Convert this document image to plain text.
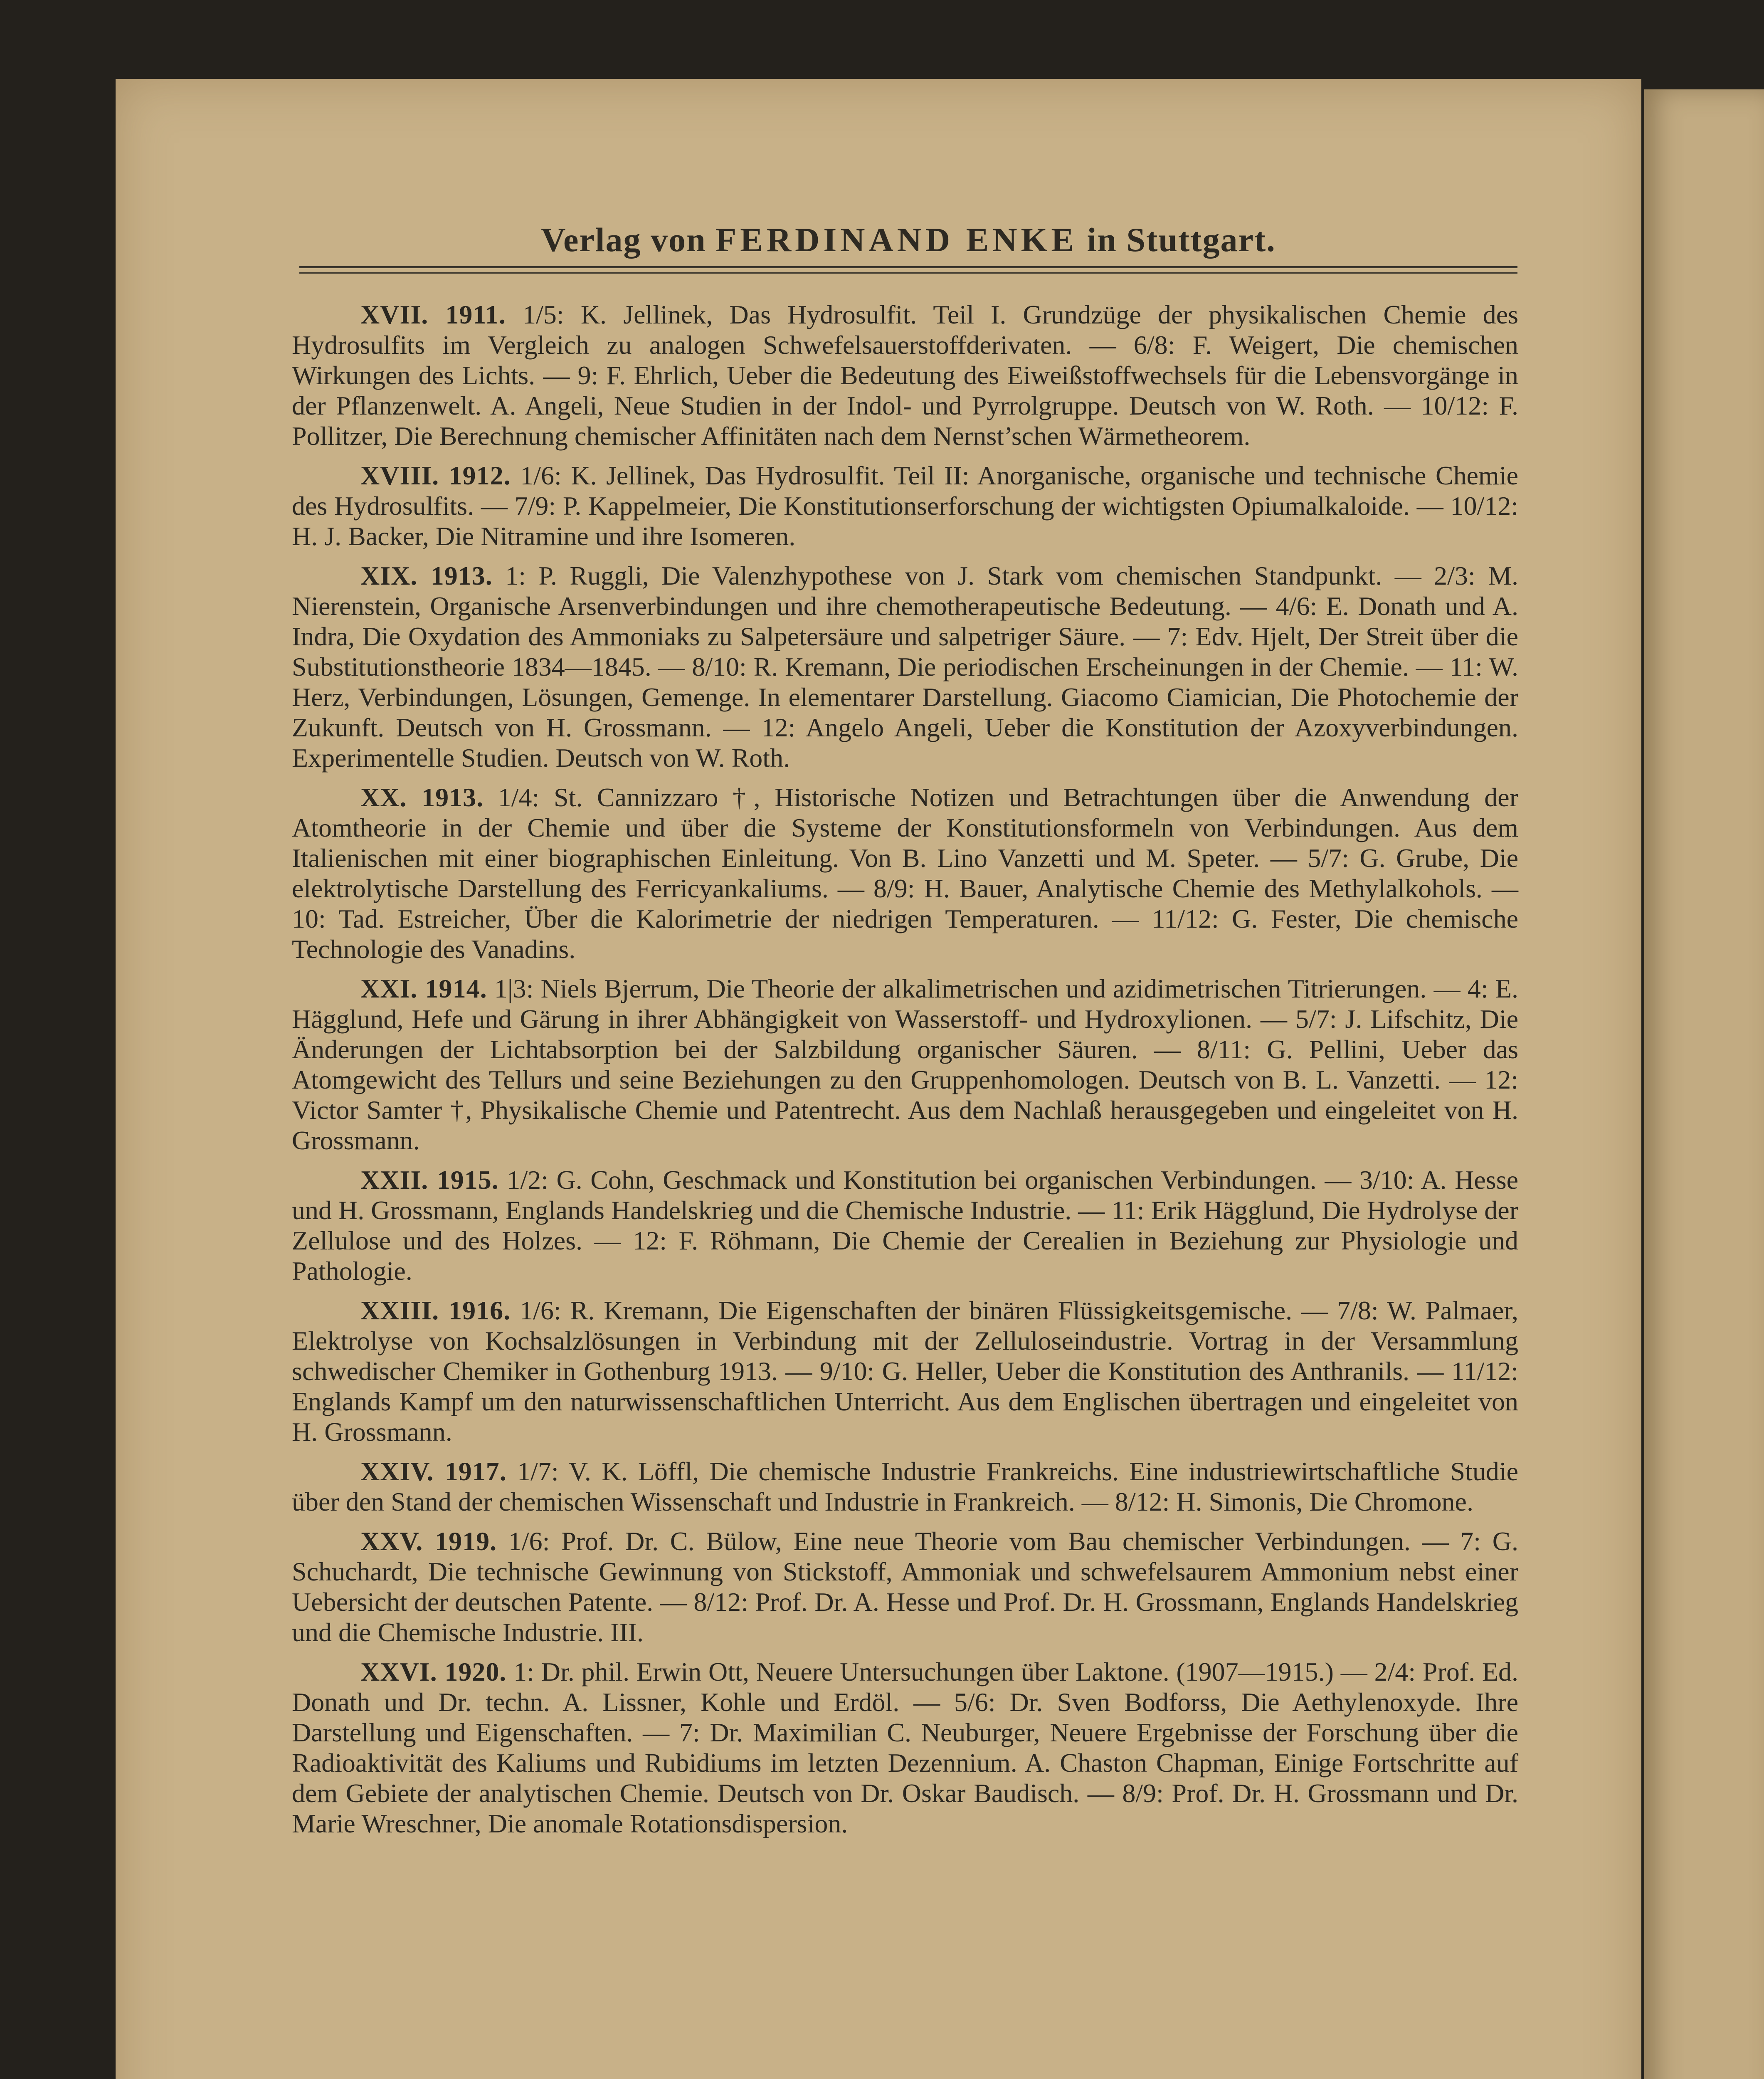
Verlag von FERDINAND ENKE in Stuttgart.

XVII. 1911. 1/5: K. Jellinek, Das Hydrosulfit. Teil I. Grundzüge der physikalischen Chemie des Hydrosulfits im Vergleich zu analogen Schwefelsauerstoffderivaten. — 6/8: F. Weigert, Die chemischen Wirkungen des Lichts. — 9: F. Ehrlich, Ueber die Bedeutung des Eiweißstoffwechsels für die Lebensvorgänge in der Pflanzenwelt. A. Angeli, Neue Studien in der Indol- und Pyrrolgruppe. Deutsch von W. Roth. — 10/12: F. Pollitzer, Die Berechnung chemischer Affinitäten nach dem Nernst’schen Wärmetheorem.

XVIII. 1912. 1/6: K. Jellinek, Das Hydrosulfit. Teil II: Anorganische, organische und technische Chemie des Hydrosulfits. — 7/9: P. Kappelmeier, Die Konstitutionserforschung der wichtigsten Opiumalkaloide. — 10/12: H. J. Backer, Die Nitramine und ihre Isomeren.

XIX. 1913. 1: P. Ruggli, Die Valenzhypothese von J. Stark vom chemischen Standpunkt. — 2/3: M. Nierenstein, Organische Arsenverbindungen und ihre chemotherapeutische Bedeutung. — 4/6: E. Donath und A. Indra, Die Oxydation des Ammoniaks zu Salpetersäure und salpetriger Säure. — 7: Edv. Hjelt, Der Streit über die Substitutionstheorie 1834—1845. — 8/10: R. Kremann, Die periodischen Erscheinungen in der Chemie. — 11: W. Herz, Verbindungen, Lösungen, Gemenge. In elementarer Darstellung. Giacomo Ciamician, Die Photochemie der Zukunft. Deutsch von H. Grossmann. — 12: Angelo Angeli, Ueber die Konstitution der Azoxyverbindungen. Experimentelle Studien. Deutsch von W. Roth.

XX. 1913. 1/4: St. Cannizzaro †, Historische Notizen und Betrachtungen über die Anwendung der Atomtheorie in der Chemie und über die Systeme der Konstitutionsformeln von Verbindungen. Aus dem Italienischen mit einer biographischen Einleitung. Von B. Lino Vanzetti und M. Speter. — 5/7: G. Grube, Die elektrolytische Darstellung des Ferricyankaliums. — 8/9: H. Bauer, Analytische Chemie des Methylalkohols. — 10: Tad. Estreicher, Über die Kalorimetrie der niedrigen Temperaturen. — 11/12: G. Fester, Die chemische Technologie des Vanadins.

XXI. 1914. 1|3: Niels Bjerrum, Die Theorie der alkalimetrischen und azidimetrischen Titrierungen. — 4: E. Hägglund, Hefe und Gärung in ihrer Abhängigkeit von Wasserstoff- und Hydroxylionen. — 5/7: J. Lifschitz, Die Änderungen der Lichtabsorption bei der Salzbildung organischer Säuren. — 8/11: G. Pellini, Ueber das Atomgewicht des Tellurs und seine Beziehungen zu den Gruppenhomologen. Deutsch von B. L. Vanzetti. — 12: Victor Samter †, Physikalische Chemie und Patentrecht. Aus dem Nachlaß herausgegeben und eingeleitet von H. Grossmann.

XXII. 1915. 1/2: G. Cohn, Geschmack und Konstitution bei organischen Verbindungen. — 3/10: A. Hesse und H. Grossmann, Englands Handelskrieg und die Chemische Industrie. — 11: Erik Hägglund, Die Hydrolyse der Zellulose und des Holzes. — 12: F. Röhmann, Die Chemie der Cerealien in Beziehung zur Physiologie und Pathologie.

XXIII. 1916. 1/6: R. Kremann, Die Eigenschaften der binären Flüssigkeitsgemische. — 7/8: W. Palmaer, Elektrolyse von Kochsalzlösungen in Verbindung mit der Zelluloseindustrie. Vortrag in der Versammlung schwedischer Chemiker in Gothenburg 1913. — 9/10: G. Heller, Ueber die Konstitution des Anthranils. — 11/12: Englands Kampf um den naturwissenschaftlichen Unterricht. Aus dem Englischen übertragen und eingeleitet von H. Grossmann.

XXIV. 1917. 1/7: V. K. Löffl, Die chemische Industrie Frankreichs. Eine industriewirtschaftliche Studie über den Stand der chemischen Wissenschaft und Industrie in Frankreich. — 8/12: H. Simonis, Die Chromone.

XXV. 1919. 1/6: Prof. Dr. C. Bülow, Eine neue Theorie vom Bau chemischer Verbindungen. — 7: G. Schuchardt, Die technische Gewinnung von Stickstoff, Ammoniak und schwefelsaurem Ammonium nebst einer Uebersicht der deutschen Patente. — 8/12: Prof. Dr. A. Hesse und Prof. Dr. H. Grossmann, Englands Handelskrieg und die Chemische Industrie. III.

XXVI. 1920. 1: Dr. phil. Erwin Ott, Neuere Untersuchungen über Laktone. (1907—1915.) — 2/4: Prof. Ed. Donath und Dr. techn. A. Lissner, Kohle und Erdöl. — 5/6: Dr. Sven Bodforss, Die Aethylenoxyde. Ihre Darstellung und Eigenschaften. — 7: Dr. Maximilian C. Neuburger, Neuere Ergebnisse der Forschung über die Radioaktivität des Kaliums und Rubidiums im letzten Dezennium. A. Chaston Chapman, Einige Fortschritte auf dem Gebiete der analytischen Chemie. Deutsch von Dr. Oskar Baudisch. — 8/9: Prof. Dr. H. Grossmann und Dr. Marie Wreschner, Die anomale Rotationsdispersion.
